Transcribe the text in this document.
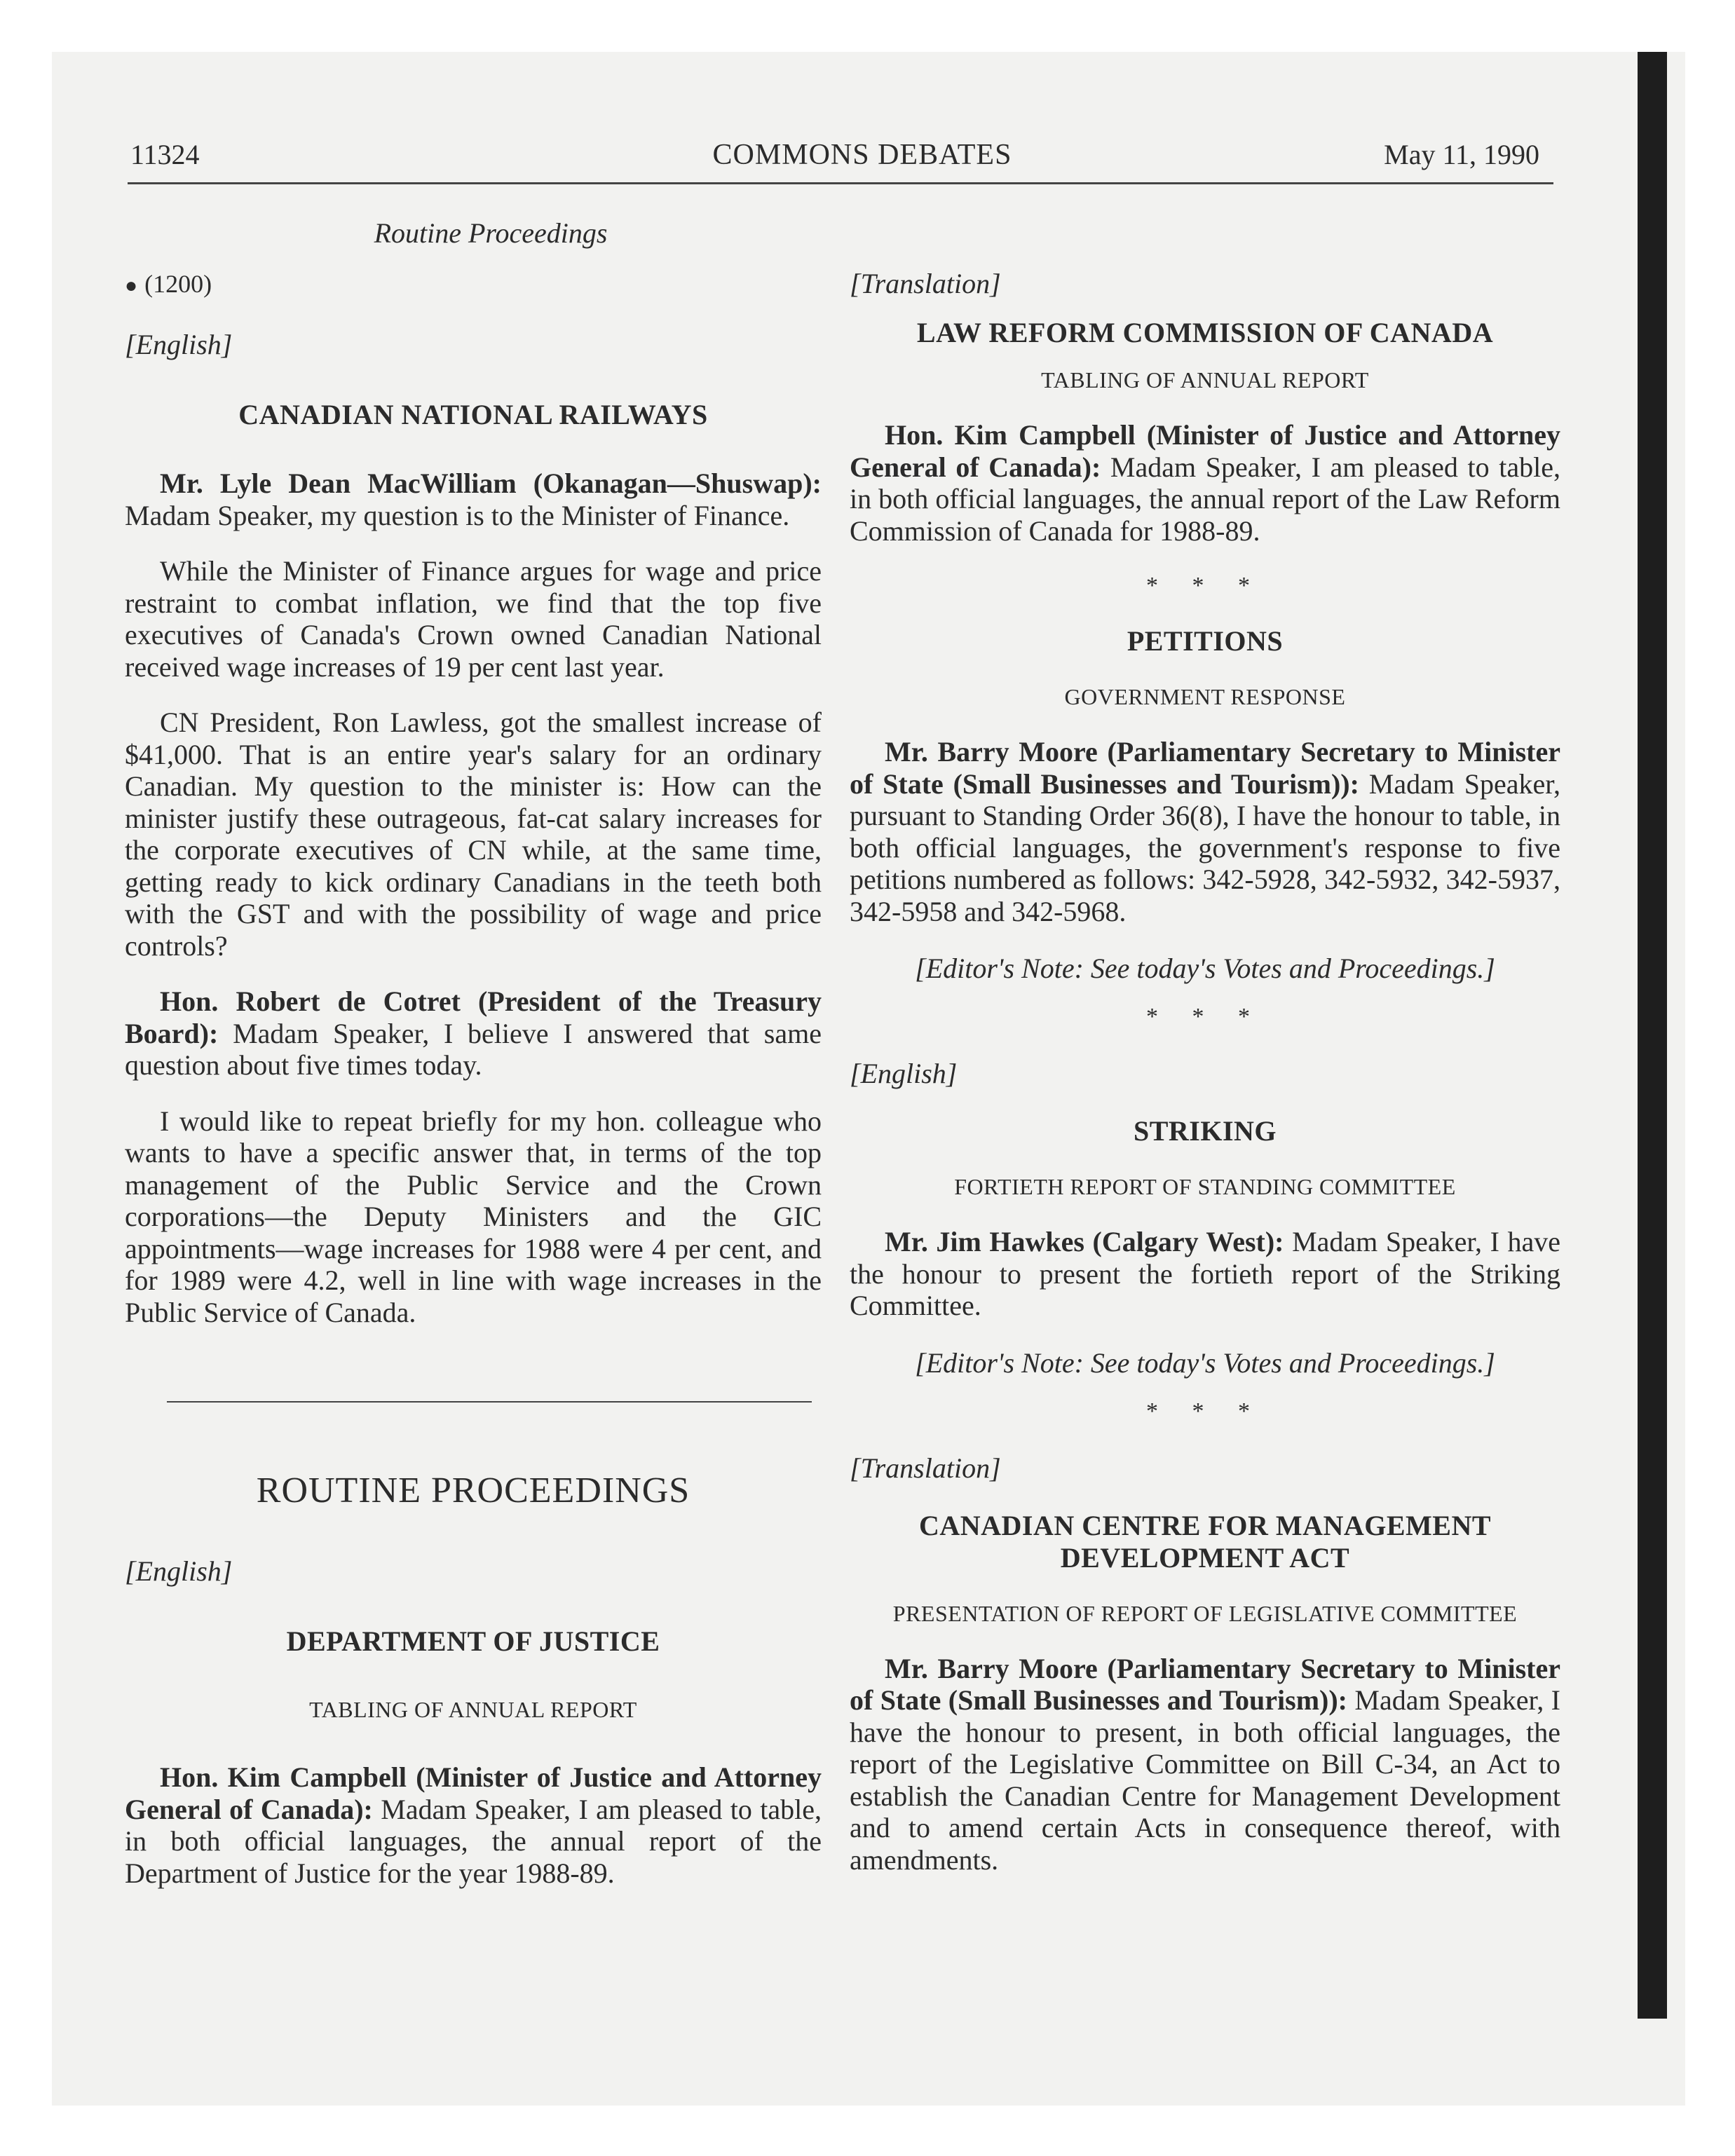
11324	COMMONS DEBATES	May 11, 1990
Routine Proceedings

● (1200)

[English]

CANADIAN NATIONAL RAILWAYS

Mr. Lyle Dean MacWilliam (Okanagan—Shuswap): Madam Speaker, my question is to the Minister of Finance.

While the Minister of Finance argues for wage and price restraint to combat inflation, we find that the top five executives of Canada's Crown owned Canadian National received wage increases of 19 per cent last year.

CN President, Ron Lawless, got the smallest increase of $41,000. That is an entire year's salary for an ordinary Canadian. My question to the minister is: How can the minister justify these outrageous, fat-cat salary increases for the corporate executives of CN while, at the same time, getting ready to kick ordinary Canadians in the teeth both with the GST and with the possibility of wage and price controls?

Hon. Robert de Cotret (President of the Treasury Board): Madam Speaker, I believe I answered that same question about five times today.

I would like to repeat briefly for my hon. colleague who wants to have a specific answer that, in terms of the top management of the Public Service and the Crown corporations—the Deputy Ministers and the GIC appointments—wage increases for 1988 were 4 per cent, and for 1989 were 4.2, well in line with wage increases in the Public Service of Canada.

ROUTINE PROCEEDINGS

[English]

DEPARTMENT OF JUSTICE

TABLING OF ANNUAL REPORT

Hon. Kim Campbell (Minister of Justice and Attorney General of Canada): Madam Speaker, I am pleased to table, in both official languages, the annual report of the Department of Justice for the year 1988-89.

[Translation]

LAW REFORM COMMISSION OF CANADA

TABLING OF ANNUAL REPORT

Hon. Kim Campbell (Minister of Justice and Attorney General of Canada): Madam Speaker, I am pleased to table, in both official languages, the annual report of the Law Reform Commission of Canada for 1988-89.

* * *

PETITIONS

GOVERNMENT RESPONSE

Mr. Barry Moore (Parliamentary Secretary to Minister of State (Small Businesses and Tourism)): Madam Speaker, pursuant to Standing Order 36(8), I have the honour to table, in both official languages, the government's response to five petitions numbered as follows: 342-5928, 342-5932, 342-5937, 342-5958 and 342-5968.

[Editor's Note: See today's Votes and Proceedings.]

* * *

[English]

STRIKING

FORTIETH REPORT OF STANDING COMMITTEE

Mr. Jim Hawkes (Calgary West): Madam Speaker, I have the honour to present the fortieth report of the Striking Committee.

[Editor's Note: See today's Votes and Proceedings.]

* * *

[Translation]

CANADIAN CENTRE FOR MANAGEMENT

DEVELOPMENT ACT

PRESENTATION OF REPORT OF LEGISLATIVE COMMITTEE

Mr. Barry Moore (Parliamentary Secretary to Minister of State (Small Businesses and Tourism)): Madam Speaker, I have the honour to present, in both official languages, the report of the Legislative Committee on Bill C-34, an Act to establish the Canadian Centre for Management Development and to amend certain Acts in consequence thereof, with amendments.
